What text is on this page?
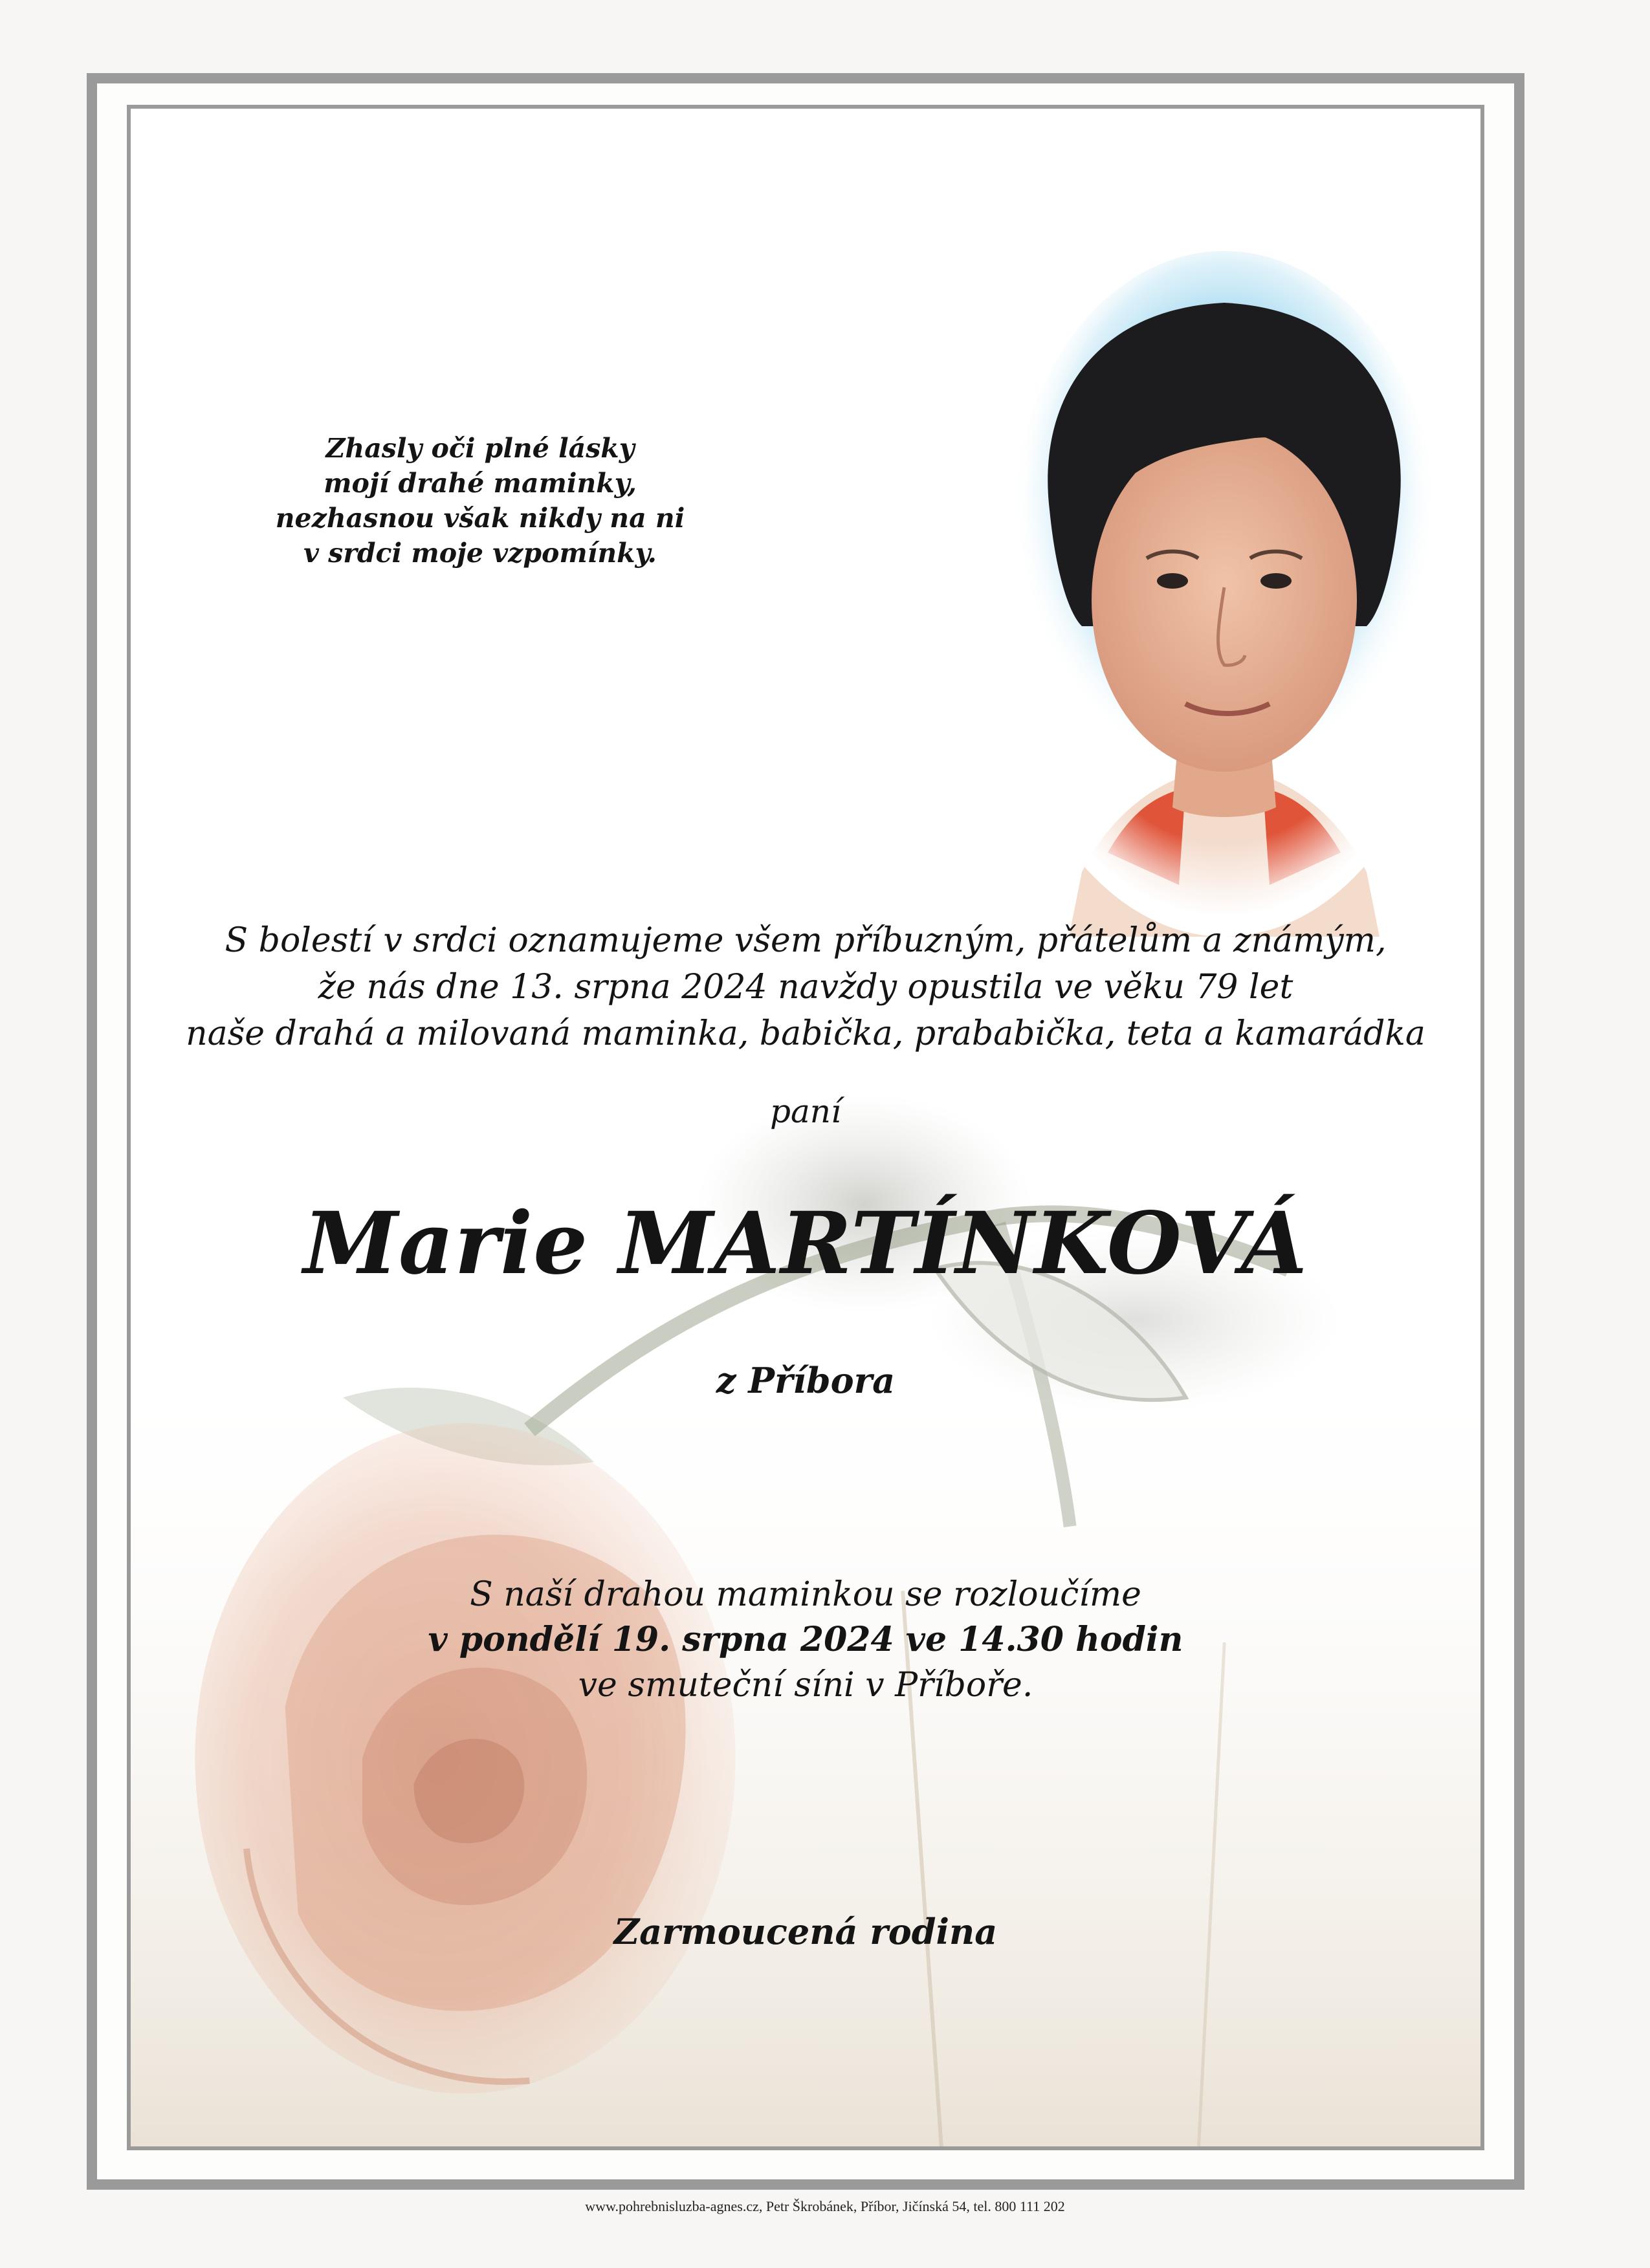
Zhasly oči plné lásky
mojí drahé maminky,
nezhasnou však nikdy na ni
v srdci moje vzpomínky.
S bolestí v srdci oznamujeme všem příbuzným, přátelům a známým,
že nás dne 13. srpna 2024 navždy opustila ve věku 79 let
naše drahá a milovaná maminka, babička, prababička, teta a kamarádka
paní
Marie MARTÍNKOVÁ
z Příbora
S naší drahou maminkou se rozloučíme
v pondělí 19. srpna 2024 ve 14.30 hodin
ve smuteční síni v Příboře.
Zarmoucená rodina
www.pohrebnisluzba-agnes.cz, Petr Škrobánek, Příbor, Jičínská 54, tel. 800 111 202
